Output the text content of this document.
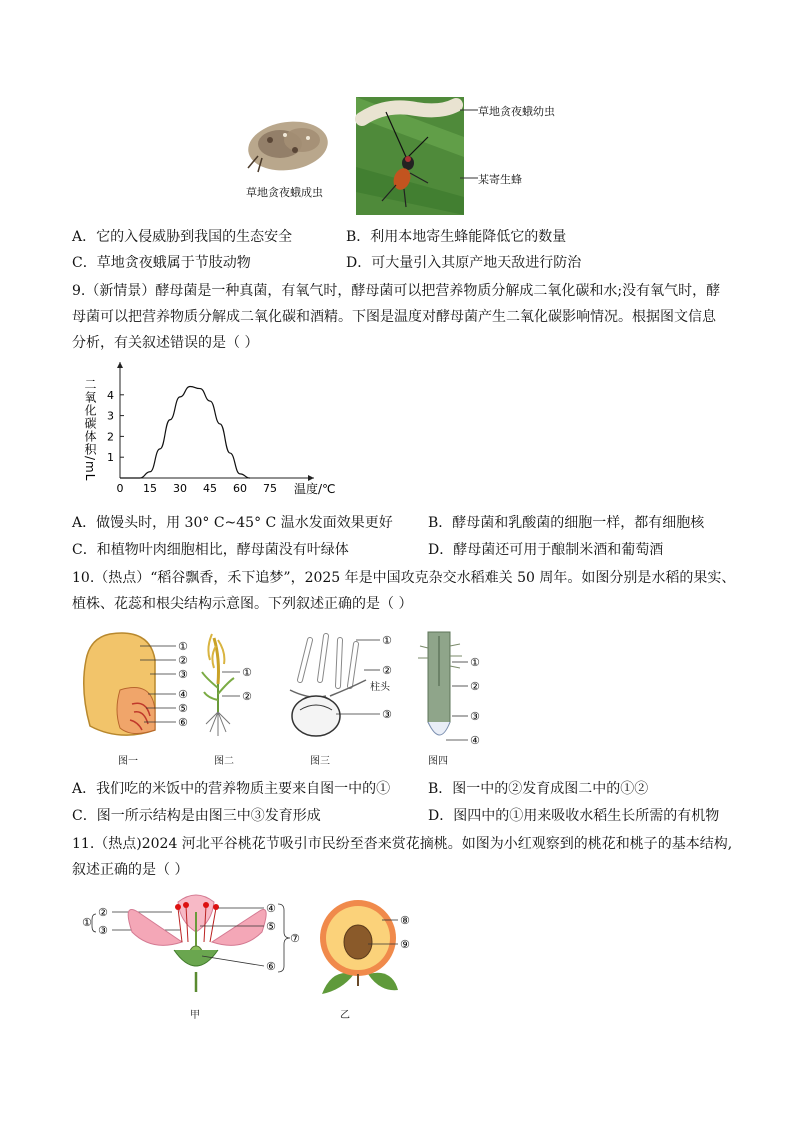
草地贪夜蛾成虫
草地贪夜蛾幼虫
某寄生蜂
A．它的入侵威胁到我国的生态安全	B．利用本地寄生蜂能降低它的数量
C．草地贪夜蛾属于节肢动物	D．可大量引入其原产地天敌进行防治
9.（新情景）酵母菌是一种真菌，有氧气时，酵母菌可以把营养物质分解成二氧化碳和水;没有氧气时，酵
母菌可以把营养物质分解成二氧化碳和酒精。下图是温度对酵母菌产生二氧化碳影响情况。根据图文信息
分析，有关叙述错误的是（ ）
0 15 30 45 60 75
1
2
3
4
温度/℃
二氧化碳体积/mL
A．做馒头时，用 30° C~45° C 温水发面效果更好	B．酵母菌和乳酸菌的细胞一样，都有细胞核
C．和植物叶肉细胞相比，酵母菌没有叶绿体	D．酵母菌还可用于酿制米酒和葡萄酒
10.（热点）“稻谷飘香，禾下追梦”，2025 年是中国攻克杂交水稻难关 50 周年。如图分别是水稻的果实、
植株、花蕊和根尖结构示意图。下列叙述正确的是（ ）
①
②
③
④
⑤
⑥
图一
①
②
图二
①
②
③
柱头
图三
①
②
③
④
图四
A．我们吃的米饭中的营养物质主要来自图一中的①	B．图一中的②发育成图二中的①②
C．图一所示结构是由图三中③发育形成	D．图四中的①用来吸收水稻生长所需的有机物
11.（热点)2024 河北平谷桃花节吸引市民纷至沓来赏花摘桃。如图为小红观察到的桃花和桃子的基本结构,
叙述正确的是（ ）
①
②
③
④
⑤
⑥
⑦
甲
⑧
⑨
乙
